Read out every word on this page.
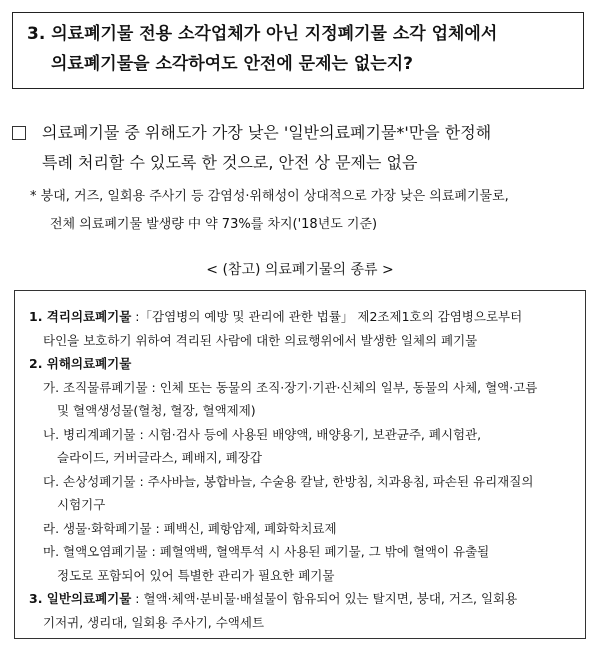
3. 의료폐기물 전용 소각업체가 아닌 지정폐기물 소각 업체에서
의료폐기물을 소각하여도 안전에 문제는 없는지?
의료폐기물 중 위해도가 가장 낮은 '일반의료폐기물*'만을 한정해
특례 처리할 수 있도록 한 것으로, 안전 상 문제는 없음
* 붕대, 거즈, 일회용 주사기 등 감염성·위해성이 상대적으로 가장 낮은 의료폐기물로,
전체 의료폐기물 발생량 中 약 73%를 차지('18년도 기준)
< (참고) 의료폐기물의 종류 >
1. 격리의료폐기물 :「감염병의 예방 및 관리에 관한 법률」 제2조제1호의 감염병으로부터
타인을 보호하기 위하여 격리된 사람에 대한 의료행위에서 발생한 일체의 폐기물
2. 위해의료폐기물
가. 조직물류폐기물 : 인체 또는 동물의 조직·장기·기관·신체의 일부, 동물의 사체, 혈액·고름
및 혈액생성물(혈청, 혈장, 혈액제제)
나. 병리계폐기물 : 시험·검사 등에 사용된 배양액, 배양용기, 보관균주, 폐시험관,
슬라이드, 커버글라스, 폐배지, 폐장갑
다. 손상성폐기물 : 주사바늘, 봉합바늘, 수술용 칼날, 한방침, 치과용침, 파손된 유리재질의
시험기구
라. 생물·화학폐기물 : 폐백신, 폐항암제, 폐화학치료제
마. 혈액오염폐기물 : 폐혈액백, 혈액투석 시 사용된 폐기물, 그 밖에 혈액이 유출될
정도로 포함되어 있어 특별한 관리가 필요한 폐기물
3. 일반의료폐기물 : 혈액·체액·분비물·배설물이 함유되어 있는 탈지면, 붕대, 거즈, 일회용
기저귀, 생리대, 일회용 주사기, 수액세트
